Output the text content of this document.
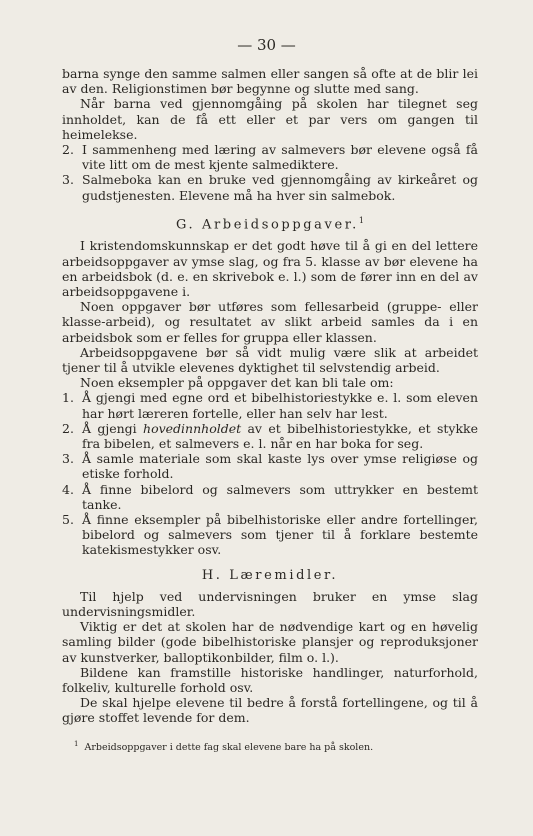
— 30 —

barna synge den samme salmen eller sangen så ofte at de blir lei av den. Religionstimen bør begynne og slutte med sang.

Når barna ved gjennomgåing på skolen har tilegnet seg innholdet, kan de få ett eller et par vers om gangen til heimelekse.

2. I sammenheng med læring av salmevers bør elevene også få vite litt om de mest kjente salmediktere.
3. Salmeboka kan en bruke ved gjennomgåing av kirkeåret og gudstjenesten. Elevene må ha hver sin salmebok.
G. Arbeidsoppgaver.$^1$

I kristendomskunnskap er det godt høve til å gi en del lettere arbeidsoppgaver av ymse slag, og fra 5. klasse av bør elevene ha en arbeidsbok (d. e. en skrivebok e. l.) som de fører inn en del av arbeidsoppgavene i.

Noen oppgaver bør utføres som fellesarbeid (gruppe- eller klasse-arbeid), og resultatet av slikt arbeid samles da i en arbeidsbok som er felles for gruppa eller klassen.

Arbeidsoppgavene bør så vidt mulig være slik at arbeidet tjener til å utvikle elevenes dyktighet til selvstendig arbeid.

Noen eksempler på oppgaver det kan bli tale om:

1. Å gjengi med egne ord et bibelhistoriestykke e. l. som eleven har hørt læreren fortelle, eller han selv har lest.
2. Å gjengi hovedinnholdet av et bibelhistoriestykke, et stykke fra bibelen, et salmevers e. l. når en har boka for seg.
3. Å samle materiale som skal kaste lys over ymse religiøse og etiske forhold.
4. Å finne bibelord og salmevers som uttrykker en bestemt tanke.
5. Å finne eksempler på bibelhistoriske eller andre fortellinger, bibelord og salmevers som tjener til å forklare bestemte katekismestykker osv.
H. Læremidler.

Til hjelp ved undervisningen bruker en ymse slag undervisningsmidler.

Viktig er det at skolen har de nødvendige kart og en høvelig samling bilder (gode bibelhistoriske plansjer og reproduksjoner av kunstverker, balloptikonbilder, film o. l.).

Bildene kan framstille historiske handlinger, naturforhold, folkeliv, kulturelle forhold osv.

De skal hjelpe elevene til bedre å forstå fortellingene, og til å gjøre stoffet levende for dem.

$^1$ Arbeidsoppgaver i dette fag skal elevene bare ha på skolen.
